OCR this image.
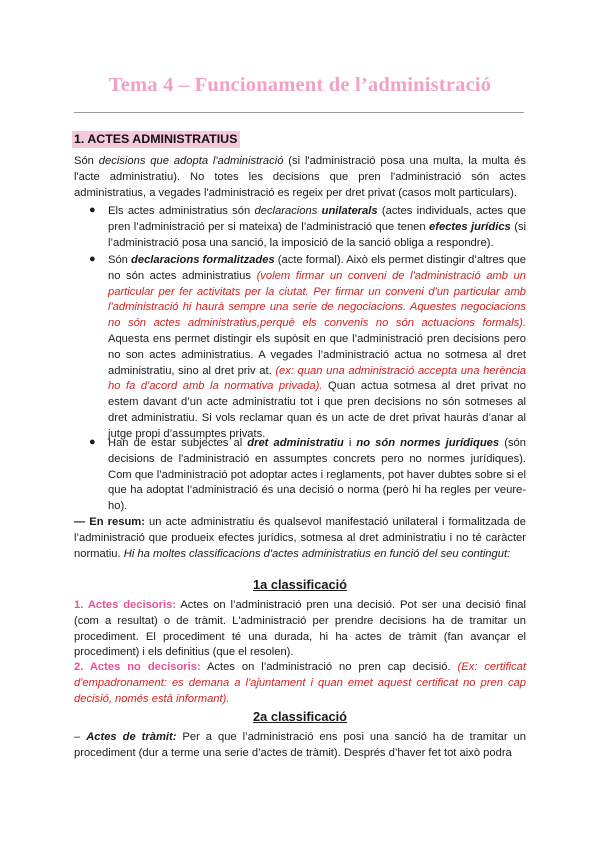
Tema 4 – Funcionament de l’administració
1. ACTES ADMINISTRATIUS
Són decisions que adopta l'administració (si l'administració posa una multa, la multa és l'acte administratiu). No totes les decisions que pren l'administració són actes administratius, a vegades l'administració es regeix per dret privat (casos molt particulars).
● Els actes administratius són declaracions unilaterals (actes individuals, actes que pren l’administració per si mateixa) de l’administració que tenen efectes jurídics (si l’administració posa una sanció, la imposició de la sanció obliga a respondre).
● Són declaracions formalitzades (acte formal). Això els permet distingir d’altres que no són actes administratius (volem firmar un conveni de l'administració amb un particular per fer activitats per la ciutat. Per firmar un conveni d'un particular amb l'administració hi haurà sempre una serie de negociacions. Aquestes negociacions no són actes administratius,perquè els convenis no són actuacions formals). Aquesta ens permet distingir els supòsit en que l’administració pren decisions pero no son actes administratius. A vegades l’administració actua no sotmesa al dret administratiu, sino al dret priv at. (ex: quan una administració accepta una herència ho fa d'acord amb la normativa privada). Quan actua sotmesa al dret privat no estem davant d’un acte administratiu tot i que pren decisions no són sotmeses al dret administratiu. Si vols reclamar quan és un acte de dret privat hauràs d’anar al jutge propi d’assumptes privats.
● Han de estar subjectes al dret administratiu i no són normes jurídiques (són decisions de l'administració en assumptes concrets pero no normes jurídiques). Com que l’administració pot adoptar actes i reglaments, pot haver dubtes sobre si el que ha adoptat l’administració és una decisió o norma (però hi ha regles per veure-ho).
— En resum: un acte administratiu és qualsevol manifestació unilateral i formalitzada de l’administració que produeix efectes jurídics, sotmesa al dret administratiu i no té caràcter normatiu. Hi ha moltes classificacions d'actes administratius en funció del seu contingut:
1a classificació
1. Actes decisoris: Actes on l’administració pren una decisió. Pot ser una decisió final (com a resultat) o de tràmit. L'administració per prendre decisions ha de tramitar un procediment. El procediment té una durada, hi ha actes de tràmit (fan avançar el procediment) i els definitius (que el resolen).
2. Actes no decisoris: Actes on l’administració no pren cap decisió. (Ex: certificat d'empadronament: es demana a l'ajuntament i quan emet aquest certificat no pren cap decisió, només està informant).
2a classificació
– Actes de tràmit: Per a que l’administració ens posi una sanció ha de tramitar un procediment (dur a terme una serie d’actes de tràmit). Després d’haver fet tot això podra
